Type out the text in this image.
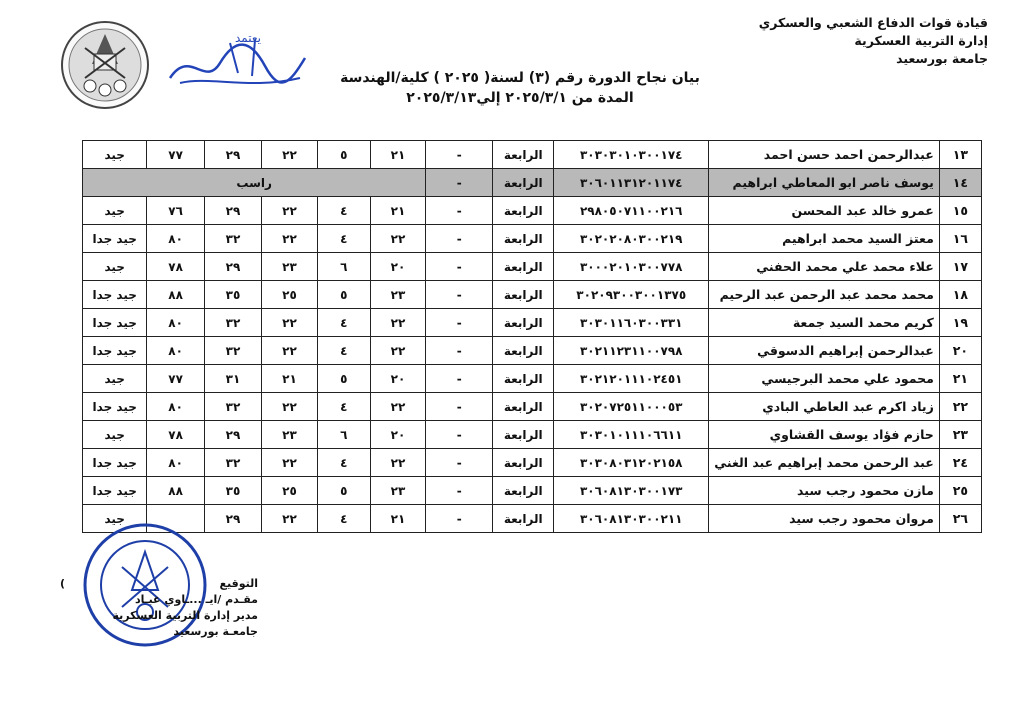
قيادة قوات الدفاع الشعبي والعسكري
إدارة التربية العسكرية
جامعة بورسعيد
يعتمد
بيان نجاح الدورة رقم (٣) لسنة( ٢٠٢٥ ) كلية/الهندسة
المدة من ٢٠٢٥/٣/١ إلي٢٠٢٥/٣/١٣
١٣	عبدالرحمن احمد حسن احمد	٣٠٣٠٣٠١٠٣٠٠١٧٤	الرابعة	-	٢١	٥	٢٢	٢٩	٧٧	جيد
١٤	يوسف ناصر ابو المعاطي ابراهيم	٣٠٦٠١١٣١٢٠١١٧٤	الرابعة	-	راسب					
١٥	عمرو خالد عبد المحسن	٢٩٨٠٥٠٧١١٠٠٢١٦	الرابعة	-	٢١	٤	٢٢	٢٩	٧٦	جيد
١٦	معتز السيد محمد ابراهيم	٣٠٢٠٢٠٨٠٣٠٠٢١٩	الرابعة	-	٢٢	٤	٢٢	٣٢	٨٠	جيد جدا
١٧	علاء محمد علي محمد الحفني	٣٠٠٠٢٠١٠٣٠٠٧٧٨	الرابعة	-	٢٠	٦	٢٣	٢٩	٧٨	جيد
١٨	محمد محمد عبد الرحمن عبد الرحيم	٣٠٢٠٩٣٠٠٣٠٠١٣٧٥	الرابعة	-	٢٣	٥	٢٥	٣٥	٨٨	جيد جدا
١٩	كريم محمد السيد جمعة	٣٠٣٠١١٦٠٣٠٠٣٣١	الرابعة	-	٢٢	٤	٢٢	٣٢	٨٠	جيد جدا
٢٠	عبدالرحمن إبراهيم الدسوقي	٣٠٢١١٢٣١١٠٠٧٩٨	الرابعة	-	٢٢	٤	٢٢	٣٢	٨٠	جيد جدا
٢١	محمود علي محمد البرجيسي	٣٠٢١٢٠١١١٠٢٤٥١	الرابعة	-	٢٠	٥	٢١	٣١	٧٧	جيد
٢٢	زياد اكرم عبد العاطي البادي	٣٠٢٠٧٢٥١١٠٠٠٥٣	الرابعة	-	٢٢	٤	٢٢	٣٢	٨٠	جيد جدا
٢٣	حازم فؤاد يوسف القشاوي	٣٠٣٠١٠١١١٠٦٦١١	الرابعة	-	٢٠	٦	٢٣	٢٩	٧٨	جيد
٢٤	عبد الرحمن محمد إبراهيم عبد الغني	٣٠٣٠٨٠٣١٢٠٢١٥٨	الرابعة	-	٢٢	٤	٢٢	٣٢	٨٠	جيد جدا
٢٥	مازن محمود رجب سيد	٣٠٦٠٨١٣٠٣٠٠١٧٣	الرابعة	-	٢٣	٥	٢٥	٣٥	٨٨	جيد جدا
٢٦	مروان محمود رجب سيد	٣٠٦٠٨١٣٠٣٠٠٢١١	الرابعة	-	٢١	٤	٢٢	٢٩		جيد
)	التوقيع
مقـدم /ايـ ...ـاوي عبـاد
مدير إدارة التربية العسكرية
جامعـة بورسعيد
